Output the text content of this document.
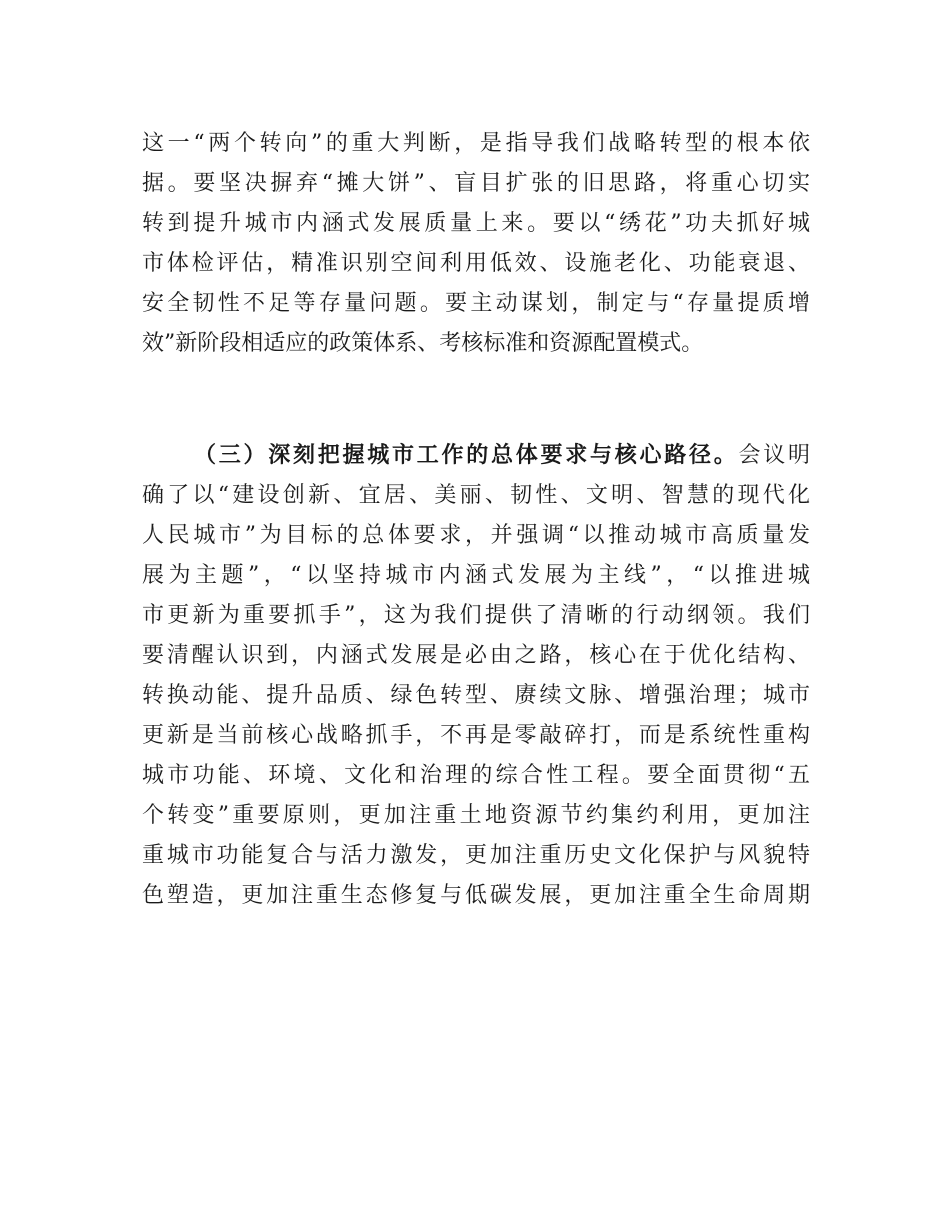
这一“两个转向”的重大判断，是指导我们战略转型的根本依
据。要坚决摒弃“摊大饼”、盲目扩张的旧思路，将重心切实
转到提升城市内涵式发展质量上来。要以“绣花”功夫抓好城
市体检评估，精准识别空间利用低效、设施老化、功能衰退、
安全韧性不足等存量问题。要主动谋划，制定与“存量提质增
效”新阶段相适应的政策体系、考核标准和资源配置模式。
（三）深刻把握城市工作的总体要求与核心路径。会议明
确了以“建设创新、宜居、美丽、韧性、文明、智慧的现代化
人民城市”为目标的总体要求，并强调“以推动城市高质量发
展为主题”，“以坚持城市内涵式发展为主线”，“以推进城
市更新为重要抓手”，这为我们提供了清晰的行动纲领。我们
要清醒认识到，内涵式发展是必由之路，核心在于优化结构、
转换动能、提升品质、绿色转型、赓续文脉、增强治理；城市
更新是当前核心战略抓手，不再是零敲碎打，而是系统性重构
城市功能、环境、文化和治理的综合性工程。要全面贯彻“五
个转变”重要原则，更加注重土地资源节约集约利用，更加注
重城市功能复合与活力激发，更加注重历史文化保护与风貌特
色塑造，更加注重生态修复与低碳发展，更加注重全生命周期
